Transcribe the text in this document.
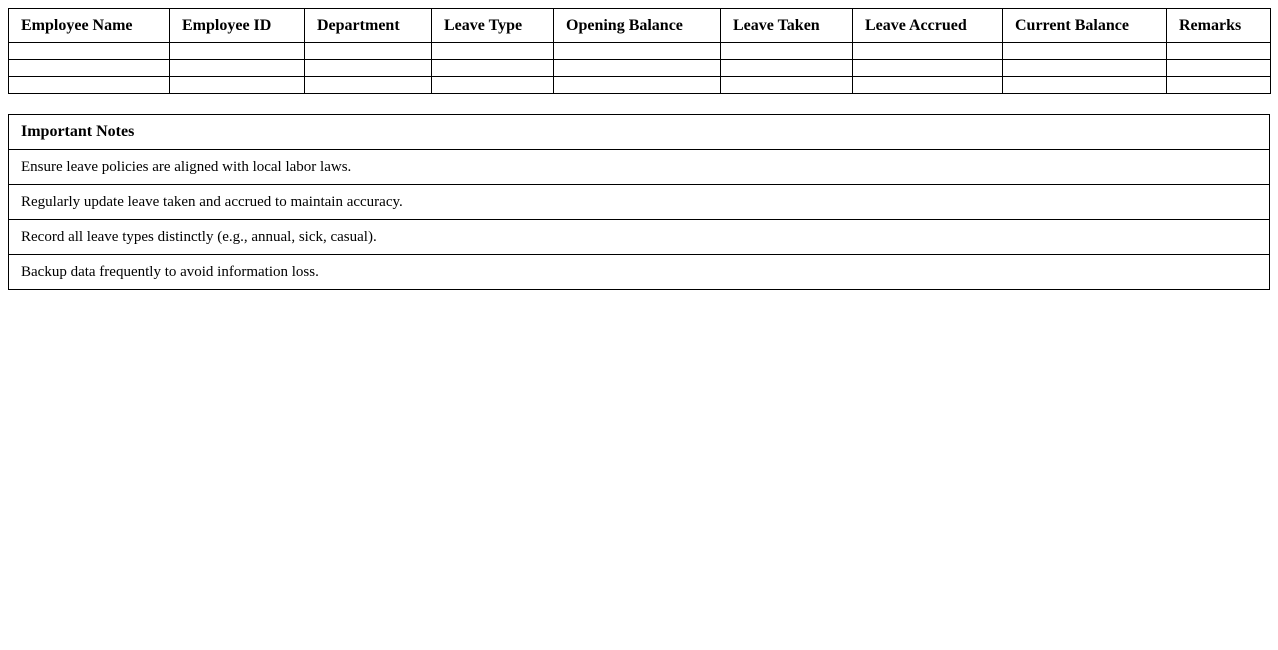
Employee Name	Employee ID	Department	Leave Type	Opening Balance	Leave Taken	Leave Accrued	Current Balance	Remarks

Important Notes
Ensure leave policies are aligned with local labor laws.
Regularly update leave taken and accrued to maintain accuracy.
Record all leave types distinctly (e.g., annual, sick, casual).
Backup data frequently to avoid information loss.
